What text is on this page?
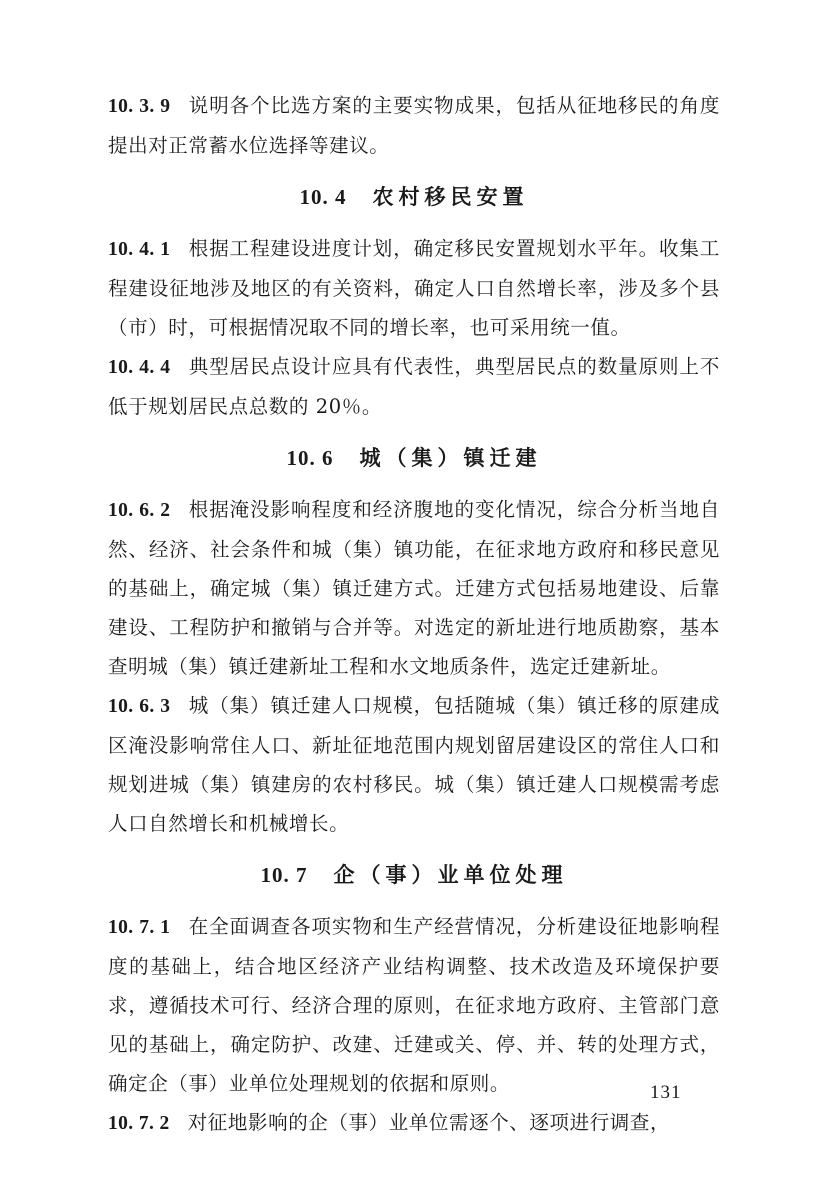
10. 3. 9 说明各个比选方案的主要实物成果，包括从征地移民的角度提出对正常蓄水位选择等建议。

10. 4 农村移民安置

10. 4. 1 根据工程建设进度计划，确定移民安置规划水平年。收集工程建设征地涉及地区的有关资料，确定人口自然增长率，涉及多个县（市）时，可根据情况取不同的增长率，也可采用统一值。

10. 4. 4 典型居民点设计应具有代表性，典型居民点的数量原则上不低于规划居民点总数的 20％。

10. 6 城（集）镇迁建

10. 6. 2 根据淹没影响程度和经济腹地的变化情况，综合分析当地自然、经济、社会条件和城（集）镇功能，在征求地方政府和移民意见的基础上，确定城（集）镇迁建方式。迁建方式包括易地建设、后靠建设、工程防护和撤销与合并等。对选定的新址进行地质勘察，基本查明城（集）镇迁建新址工程和水文地质条件，选定迁建新址。

10. 6. 3 城（集）镇迁建人口规模，包括随城（集）镇迁移的原建成区淹没影响常住人口、新址征地范围内规划留居建设区的常住人口和规划进城（集）镇建房的农村移民。城（集）镇迁建人口规模需考虑人口自然增长和机械增长。

10. 7 企（事）业单位处理

10. 7. 1 在全面调查各项实物和生产经营情况，分析建设征地影响程度的基础上，结合地区经济产业结构调整、技术改造及环境保护要求，遵循技术可行、经济合理的原则，在征求地方政府、主管部门意见的基础上，确定防护、改建、迁建或关、停、并、转的处理方式，确定企（事）业单位处理规划的依据和原则。

10. 7. 2 对征地影响的企（事）业单位需逐个、逐项进行调查，

131
